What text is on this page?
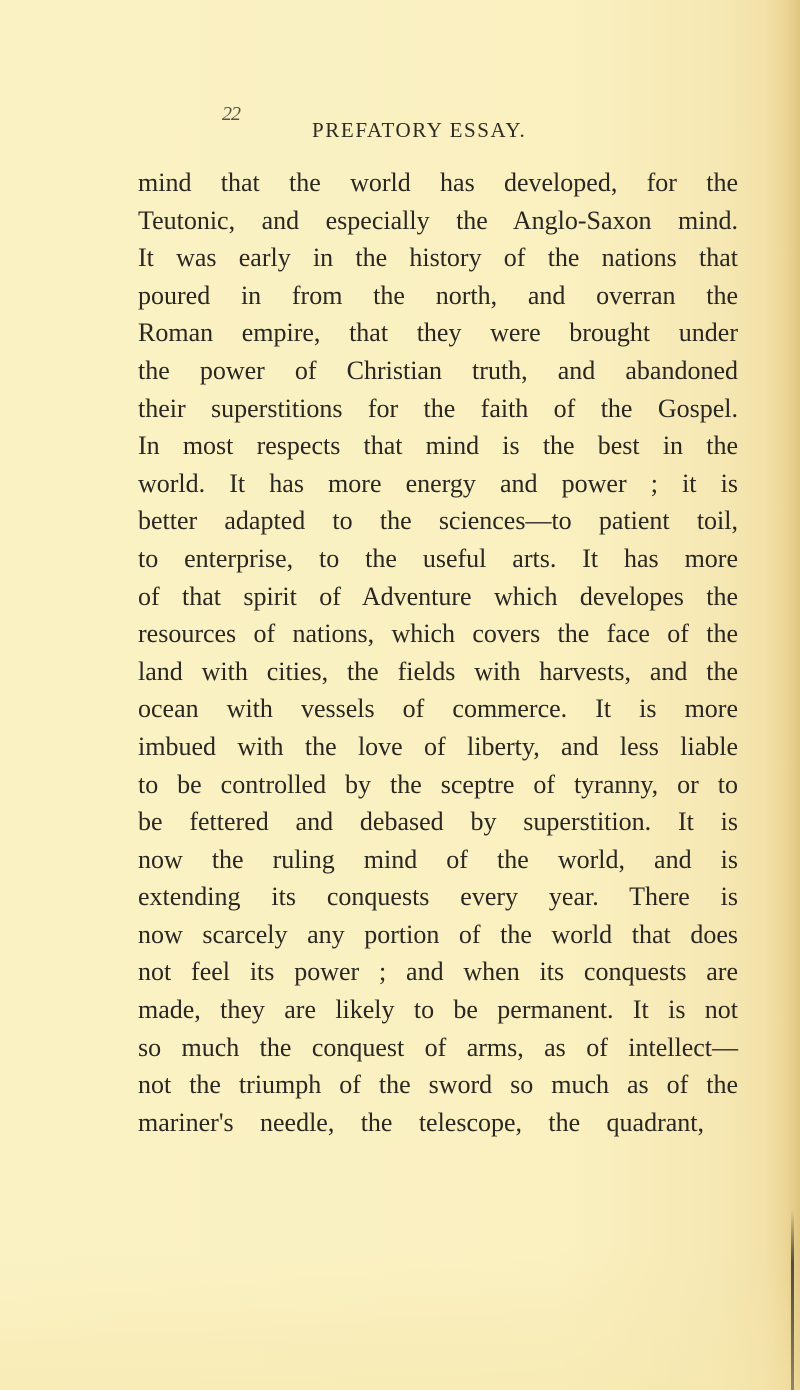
22
PREFATORY ESSAY.
mind that the world has developed, for the
Teutonic, and especially the Anglo-Saxon mind.
It was early in the history of the nations that
poured in from the north, and overran the
Roman empire, that they were brought under
the power of Christian truth, and abandoned
their superstitions for the faith of the Gospel.
In most respects that mind is the best in the
world. It has more energy and power ; it is
better adapted to the sciences—to patient toil,
to enterprise, to the useful arts. It has more
of that spirit of Adventure which developes the
resources of nations, which covers the face of the
land with cities, the fields with harvests, and the
ocean with vessels of commerce. It is more
imbued with the love of liberty, and less liable
to be controlled by the sceptre of tyranny, or to
be fettered and debased by superstition. It is
now the ruling mind of the world, and is
extending its conquests every year. There is
now scarcely any portion of the world that does
not feel its power ; and when its conquests are
made, they are likely to be permanent. It is not
so much the conquest of arms, as of intellect—
not the triumph of the sword so much as of the
mariner's needle, the telescope, the quadrant,
